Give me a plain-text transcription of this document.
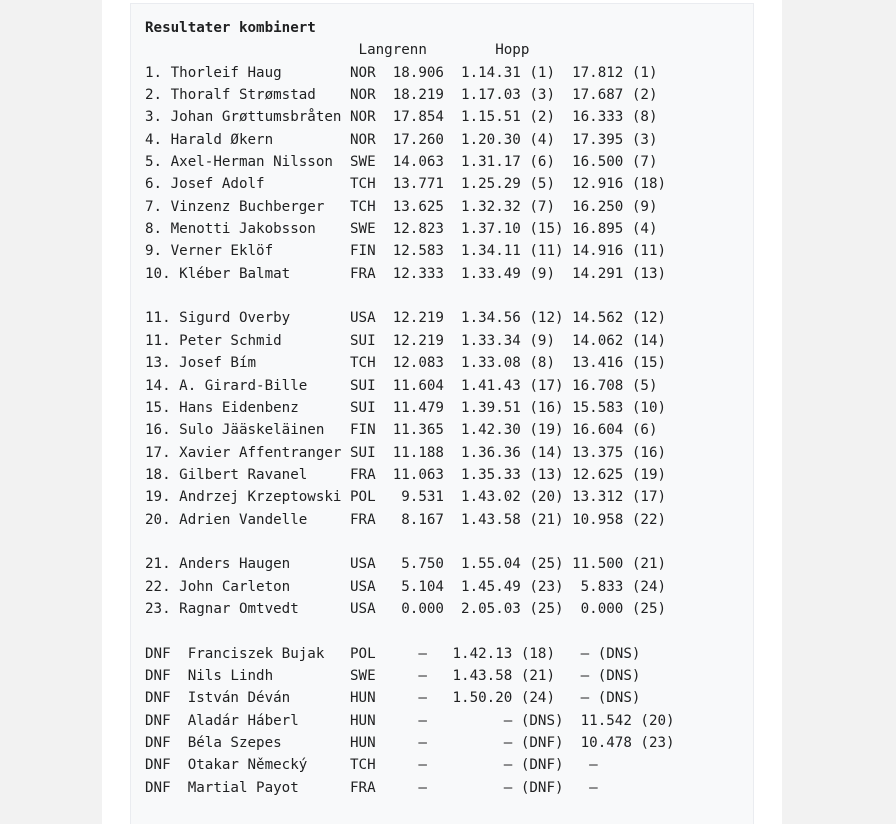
Resultater kombinert
Langrenn        Hopp
1. Thorleif Haug        NOR  18.906  1.14.31 (1)  17.812 (1)
2. Thoralf Strømstad    NOR  18.219  1.17.03 (3)  17.687 (2)
3. Johan Grøttumsbråten NOR  17.854  1.15.51 (2)  16.333 (8)
4. Harald Økern         NOR  17.260  1.20.30 (4)  17.395 (3)
5. Axel-Herman Nilsson  SWE  14.063  1.31.17 (6)  16.500 (7)
6. Josef Adolf          TCH  13.771  1.25.29 (5)  12.916 (18)
7. Vinzenz Buchberger   TCH  13.625  1.32.32 (7)  16.250 (9)
8. Menotti Jakobsson    SWE  12.823  1.37.10 (15) 16.895 (4)
9. Verner Eklöf         FIN  12.583  1.34.11 (11) 14.916 (11)
10. Kléber Balmat       FRA  12.333  1.33.49 (9)  14.291 (13)
11. Sigurd Overby       USA  12.219  1.34.56 (12) 14.562 (12)
11. Peter Schmid        SUI  12.219  1.33.34 (9)  14.062 (14)
13. Josef Bím           TCH  12.083  1.33.08 (8)  13.416 (15)
14. A. Girard-Bille     SUI  11.604  1.41.43 (17) 16.708 (5)
15. Hans Eidenbenz      SUI  11.479  1.39.51 (16) 15.583 (10)
16. Sulo Jääskeläinen   FIN  11.365  1.42.30 (19) 16.604 (6)
17. Xavier Affentranger SUI  11.188  1.36.36 (14) 13.375 (16)
18. Gilbert Ravanel     FRA  11.063  1.35.33 (13) 12.625 (19)
19. Andrzej Krzeptowski POL   9.531  1.43.02 (20) 13.312 (17)
20. Adrien Vandelle     FRA   8.167  1.43.58 (21) 10.958 (22)
21. Anders Haugen       USA   5.750  1.55.04 (25) 11.500 (21)
22. John Carleton       USA   5.104  1.45.49 (23)  5.833 (24)
23. Ragnar Omtvedt      USA   0.000  2.05.03 (25)  0.000 (25)
DNF  Franciszek Bujak   POL     –   1.42.13 (18)   – (DNS)
DNF  Nils Lindh         SWE     –   1.43.58 (21)   – (DNS)
DNF  István Déván       HUN     –   1.50.20 (24)   – (DNS)
DNF  Aladár Háberl      HUN     –         – (DNS)  11.542 (20)
DNF  Béla Szepes        HUN     –         – (DNF)  10.478 (23)
DNF  Otakar Německý     TCH     –         – (DNF)   –
DNF  Martial Payot      FRA     –         – (DNF)   –
